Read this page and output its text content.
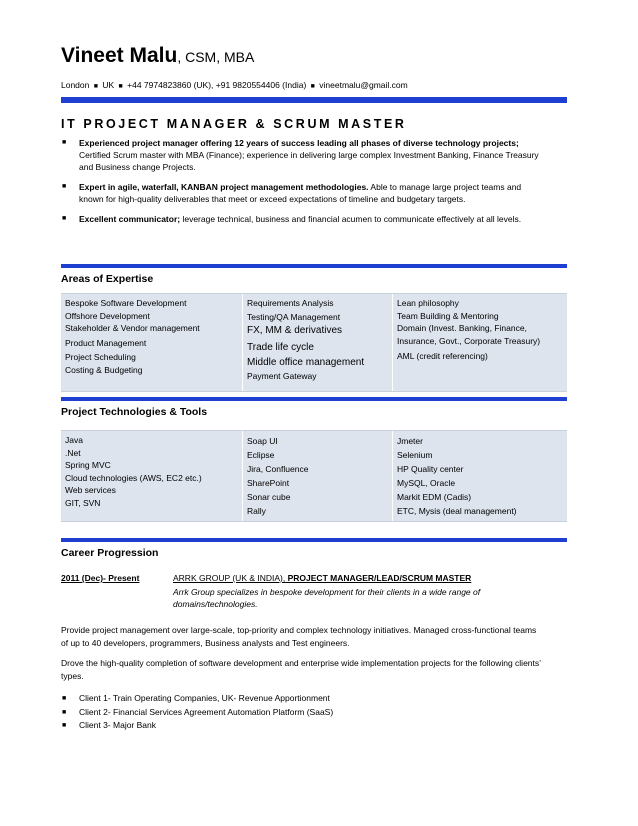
Vineet Malu, CSM, MBA
London ■ UK ■ +44 7974823860 (UK), +91 9820554406 (India) ■ vineetmalu@gmail.com
IT PROJECT MANAGER & SCRUM MASTER
■ Experienced project manager offering 12 years of success leading all phases of diverse technology projects; Certified Scrum master with MBA (Finance); experience in delivering large complex Investment Banking, Finance Treasury and Business change Projects.
■ Expert in agile, waterfall, KANBAN project management methodologies. Able to manage large project teams and known for high-quality deliverables that meet or exceed expectations of timeline and budgetary targets.
■ Excellent communicator; leverage technical, business and financial acumen to communicate effectively at all levels.
Areas of Expertise
Bespoke Software Development
Offshore Development
Stakeholder & Vendor management
Product Management
Project Scheduling
Costing & Budgeting
Requirements Analysis
Testing/QA Management
FX, MM & derivatives
Trade life cycle
Middle office management
Payment Gateway
Lean philosophy
Team Building & Mentoring
Domain (Invest. Banking, Finance,
Insurance, Govt., Corporate Treasury)
AML (credit referencing)
Project Technologies & Tools
Java
.Net
Spring MVC
Cloud technologies (AWS, EC2 etc.)
Web services
GIT, SVN
Soap UI
Eclipse
Jira, Confluence
SharePoint
Sonar cube
Rally
Jmeter
Selenium
HP Quality center
MySQL, Oracle
Markit EDM (Cadis)
ETC, Mysis (deal management)
Career Progression
2011 (Dec)- Present	ARRK GROUP (UK & INDIA), PROJECT MANAGER/LEAD/SCRUM MASTER
Arrk Group specializes in bespoke development for their clients in a wide range of domains/technologies.
Provide project management over large-scale, top-priority and complex technology initiatives. Managed cross-functional teams of up to 40 developers, programmers, Business analysts and Test engineers.
Drove the high-quality completion of software development and enterprise wide implementation projects for the following clients’ types.
■ Client 1- Train Operating Companies, UK- Revenue Apportionment
■ Client 2- Financial Services Agreement Automation Platform (SaaS)
■ Client 3- Major Bank
